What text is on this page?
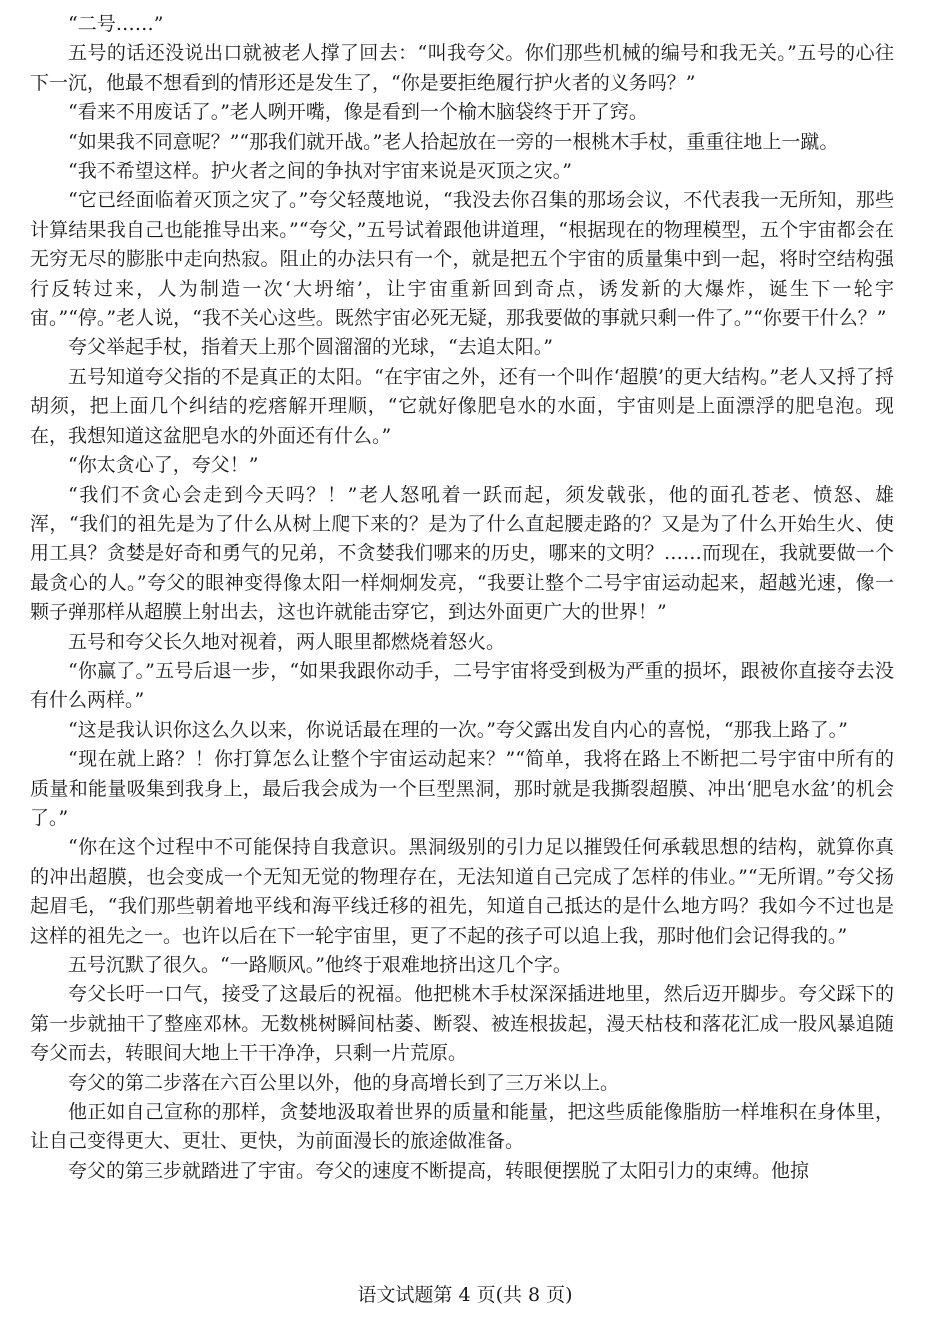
“二号……”

五号的话还没说出口就被老人撑了回去：“叫我夸父。你们那些机械的编号和我无关。”五号的心往下一沉，他最不想看到的情形还是发生了，“你是要拒绝履行护火者的义务吗？”

“看来不用废话了。”老人咧开嘴，像是看到一个榆木脑袋终于开了窍。

“如果我不同意呢？”“那我们就开战。”老人拾起放在一旁的一根桃木手杖，重重往地上一蹴。

“我不希望这样。护火者之间的争执对宇宙来说是灭顶之灾。”

“它已经面临着灭顶之灾了。”夸父轻蔑地说，“我没去你召集的那场会议，不代表我一无所知，那些计算结果我自己也能推导出来。”“夸父，”五号试着跟他讲道理，“根据现在的物理模型，五个宇宙都会在无穷无尽的膨胀中走向热寂。阻止的办法只有一个，就是把五个宇宙的质量集中到一起，将时空结构强行反转过来，人为制造一次‘大坍缩’，让宇宙重新回到奇点，诱发新的大爆炸，诞生下一轮宇宙。”“停。”老人说，“我不关心这些。既然宇宙必死无疑，那我要做的事就只剩一件了。”“你要干什么？”

夸父举起手杖，指着天上那个圆溜溜的光球，“去追太阳。”

五号知道夸父指的不是真正的太阳。“在宇宙之外，还有一个叫作‘超膜’的更大结构。”老人又捋了捋胡须，把上面几个纠结的疙瘩解开理顺，“它就好像肥皂水的水面，宇宙则是上面漂浮的肥皂泡。现在，我想知道这盆肥皂水的外面还有什么。”

“你太贪心了，夸父！”

“我们不贪心会走到今天吗？！”老人怒吼着一跃而起，须发戟张，他的面孔苍老、愤怒、雄浑，“我们的祖先是为了什么从树上爬下来的？是为了什么直起腰走路的？又是为了什么开始生火、使用工具？贪婪是好奇和勇气的兄弟，不贪婪我们哪来的历史，哪来的文明？……而现在，我就要做一个最贪心的人。”夸父的眼神变得像太阳一样炯炯发亮，“我要让整个二号宇宙运动起来，超越光速，像一颗子弹那样从超膜上射出去，这也许就能击穿它，到达外面更广大的世界！”

五号和夸父长久地对视着，两人眼里都燃烧着怒火。

“你赢了。”五号后退一步，“如果我跟你动手，二号宇宙将受到极为严重的损坏，跟被你直接夺去没有什么两样。”

“这是我认识你这么久以来，你说话最在理的一次。”夸父露出发自内心的喜悦，“那我上路了。”

“现在就上路？！你打算怎么让整个宇宙运动起来？”“简单，我将在路上不断把二号宇宙中所有的质量和能量吸集到我身上，最后我会成为一个巨型黑洞，那时就是我撕裂超膜、冲出‘肥皂水盆’的机会了。”

“你在这个过程中不可能保持自我意识。黑洞级别的引力足以摧毁任何承载思想的结构，就算你真的冲出超膜，也会变成一个无知无觉的物理存在，无法知道自己完成了怎样的伟业。”“无所谓。”夸父扬起眉毛，“我们那些朝着地平线和海平线迁移的祖先，知道自己抵达的是什么地方吗？我如今不过也是这样的祖先之一。也许以后在下一轮宇宙里，更了不起的孩子可以追上我，那时他们会记得我的。”

五号沉默了很久。“一路顺风。”他终于艰难地挤出这几个字。

夸父长吁一口气，接受了这最后的祝福。他把桃木手杖深深插进地里，然后迈开脚步。夸父踩下的第一步就抽干了整座邓林。无数桃树瞬间枯萎、断裂、被连根拔起，漫天枯枝和落花汇成一股风暴追随夸父而去，转眼间大地上干干净净，只剩一片荒原。

夸父的第二步落在六百公里以外，他的身高增长到了三万米以上。

他正如自己宣称的那样，贪婪地汲取着世界的质量和能量，把这些质能像脂肪一样堆积在身体里，让自己变得更大、更壮、更快，为前面漫长的旅途做准备。

夸父的第三步就踏进了宇宙。夸父的速度不断提高，转眼便摆脱了太阳引力的束缚。他掠

语文试题第 4 页(共 8 页)
